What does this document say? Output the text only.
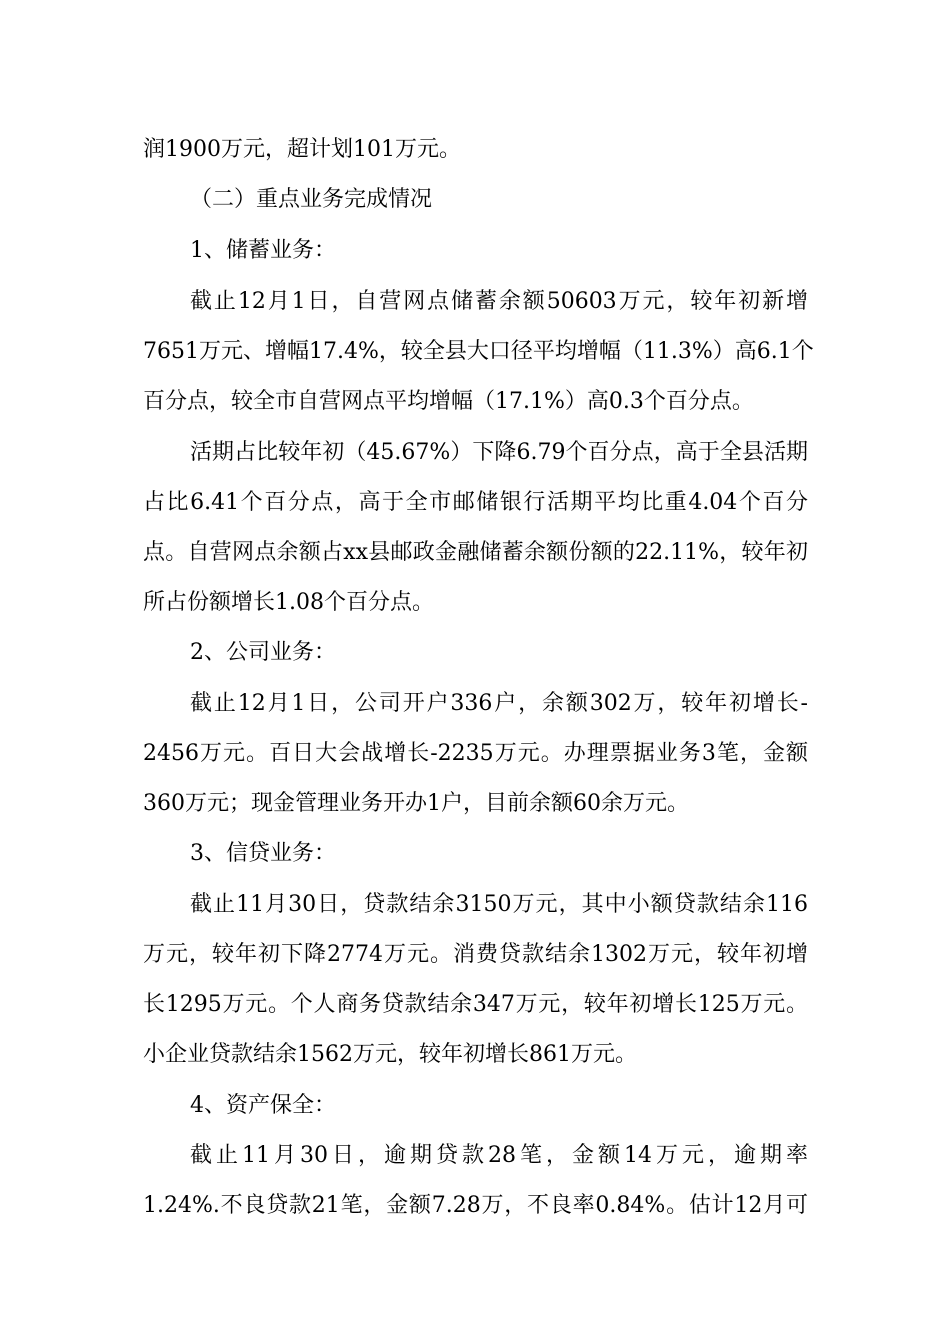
润1900万元，超计划101万元。
（二）重点业务完成情况
1、储蓄业务：
截止12月1日，自营网点储蓄余额50603万元，较年初新增
7651万元、增幅17.4%，较全县大口径平均增幅（11.3%）高6.1个
百分点，较全市自营网点平均增幅（17.1%）高0.3个百分点。
活期占比较年初（45.67%）下降6.79个百分点，高于全县活期
占比6.41个百分点，高于全市邮储银行活期平均比重4.04个百分
点。自营网点余额占xx县邮政金融储蓄余额份额的22.11%，较年初
所占份额增长1.08个百分点。
2、公司业务：
截止12月1日，公司开户336户，余额302万，较年初增长-
2456万元。百日大会战增长-2235万元。办理票据业务3笔，金额
360万元；现金管理业务开办1户，目前余额60余万元。
3、信贷业务：
截止11月30日，贷款结余3150万元，其中小额贷款结余116
万元，较年初下降2774万元。消费贷款结余1302万元，较年初增
长1295万元。个人商务贷款结余347万元，较年初增长125万元。
小企业贷款结余1562万元，较年初增长861万元。
4、资产保全：
截止11月30日，逾期贷款28笔，金额14万元，逾期率
1.24%.不良贷款21笔，金额7.28万，不良率0.84%。估计12月可
